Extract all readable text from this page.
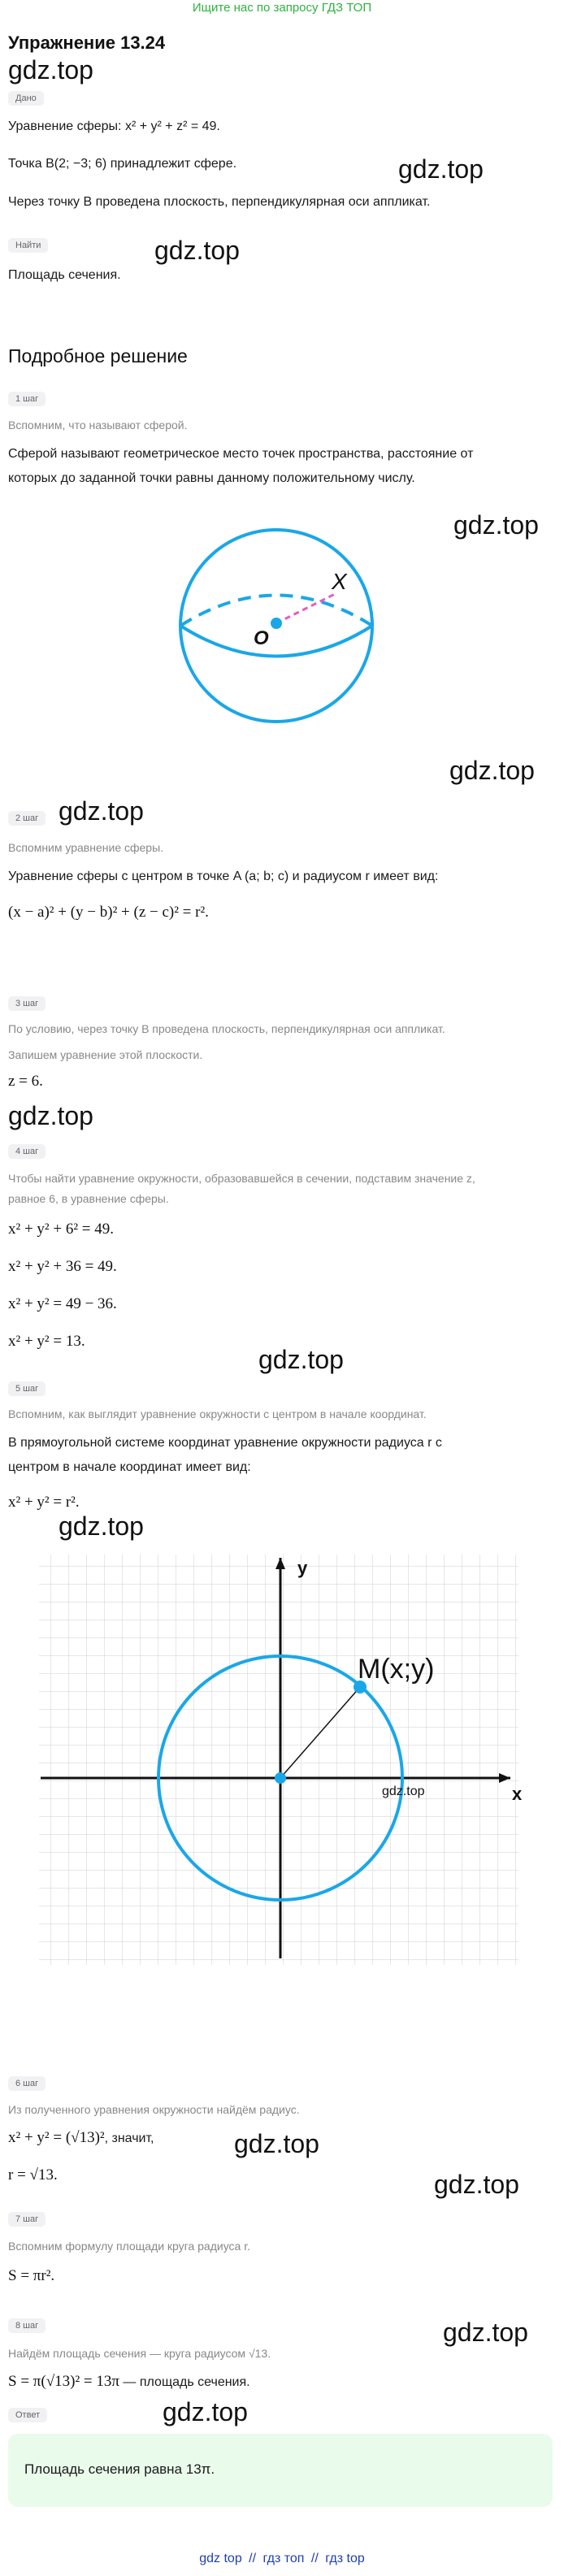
Ищите нас по запросу ГДЗ ТОП
Упражнение 13.24
gdz.top
Дано
Уравнение сферы: x² + y² + z² = 49.
Точка B(2; −3; 6) принадлежит сфере.	gdz.top
Через точку B проведена плоскость, перпендикулярная оси аппликат.
Найти	gdz.top
Площадь сечения.
Подробное решение
1 шаг
Вспомним, что называют сферой.
Сферой называют геометрическое место точек пространства, расстояние от
которых до заданной точки равны данному положительному числу.
gdz.top
O
X
gdz.top
gdz.top
2 шаг
Вспомним уравнение сферы.
Уравнение сферы с центром в точке A (a; b; c) и радиусом r имеет вид:
(x − a)² + (y − b)² + (z − c)² = r².
3 шаг
По условию, через точку B проведена плоскость, перпендикулярная оси аппликат.
Запишем уравнение этой плоскости.
z = 6.
gdz.top
4 шаг
Чтобы найти уравнение окружности, образовавшейся в сечении, подставим значение z,
равное 6, в уравнение сферы.
x² + y² + 6² = 49.
x² + y² + 36 = 49.
x² + y² = 49 − 36.
x² + y² = 13.
gdz.top
5 шаг
Вспомним, как выглядит уравнение окружности с центром в начале координат.
В прямоугольной системе координат уравнение окружности радиуса r с
центром в начале координат имеет вид:
x² + y² = r².
gdz.top
x
y
M(x;y)
gdz.top
6 шаг
Из полученного уравнения окружности найдём радиус.
x² + y² = (√13)², значит,	gdz.top
r = √13.	gdz.top
7 шаг
Вспомним формулу площади круга радиуса r.
S = πr².
8 шаг	gdz.top
Найдём площадь сечения — круга радиусом √13.
S = π(√13)² = 13π — площадь сечения.
Ответ	gdz.top
Площадь сечения равна 13π.
gdz top // гдз топ // гдз top
